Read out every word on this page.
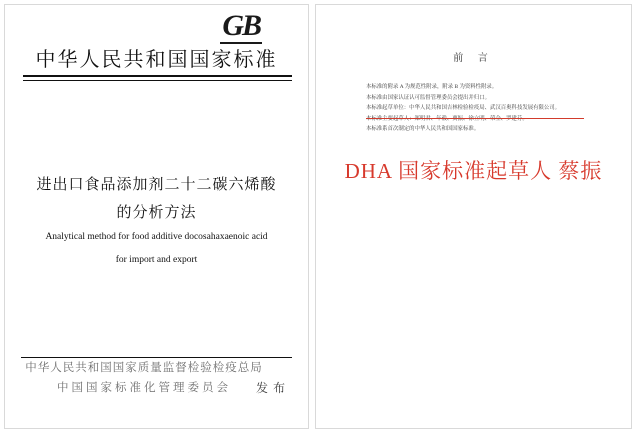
GB
中华人民共和国国家标准
进出口食品添加剂二十二碳六烯酸
的分析方法
Analytical method for food additive docosahaxaenoic acid
for import and export
中华人民共和国国家质量监督检验检疫总局
中国国家标准化管理委员会	发 布
前 言

本标准的附录 A 为规范性附录，附录 B 为资料性附录。

本标准由国家认证认可监督管理委员会提出并归口。

本标准起草单位：中华人民共和国吉林检验检疫局、武汉百奥科技发展有限公司。

本标准主要起草人：郑明君、年毅、贾振、徐立明、荣佥、罗建芬。

本标准系首次制定的中华人民共和国国家标准。

DHA 国家标准起草人 蔡振
